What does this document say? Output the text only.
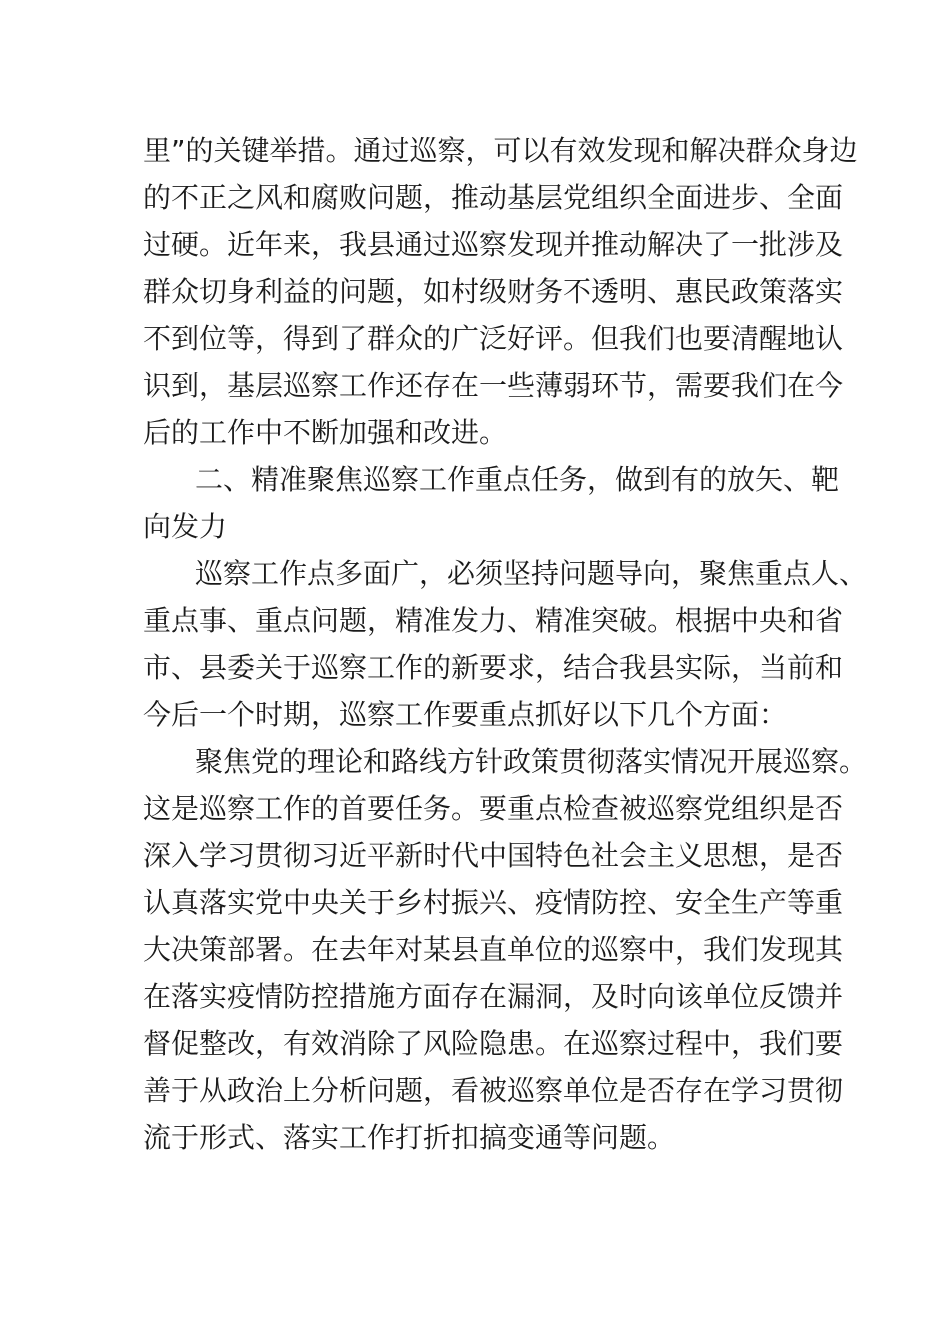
里”的关键举措。通过巡察，可以有效发现和解决群众身边
的不正之风和腐败问题，推动基层党组织全面进步、全面
过硬。近年来，我县通过巡察发现并推动解决了一批涉及
群众切身利益的问题，如村级财务不透明、惠民政策落实
不到位等，得到了群众的广泛好评。但我们也要清醒地认
识到，基层巡察工作还存在一些薄弱环节，需要我们在今
后的工作中不断加强和改进。
二、精准聚焦巡察工作重点任务，做到有的放矢、靶
向发力
巡察工作点多面广，必须坚持问题导向，聚焦重点人、
重点事、重点问题，精准发力、精准突破。根据中央和省
市、县委关于巡察工作的新要求，结合我县实际，当前和
今后一个时期，巡察工作要重点抓好以下几个方面：
聚焦党的理论和路线方针政策贯彻落实情况开展巡察。
这是巡察工作的首要任务。要重点检查被巡察党组织是否
深入学习贯彻习近平新时代中国特色社会主义思想，是否
认真落实党中央关于乡村振兴、疫情防控、安全生产等重
大决策部署。在去年对某县直单位的巡察中，我们发现其
在落实疫情防控措施方面存在漏洞，及时向该单位反馈并
督促整改，有效消除了风险隐患。在巡察过程中，我们要
善于从政治上分析问题，看被巡察单位是否存在学习贯彻
流于形式、落实工作打折扣搞变通等问题。
